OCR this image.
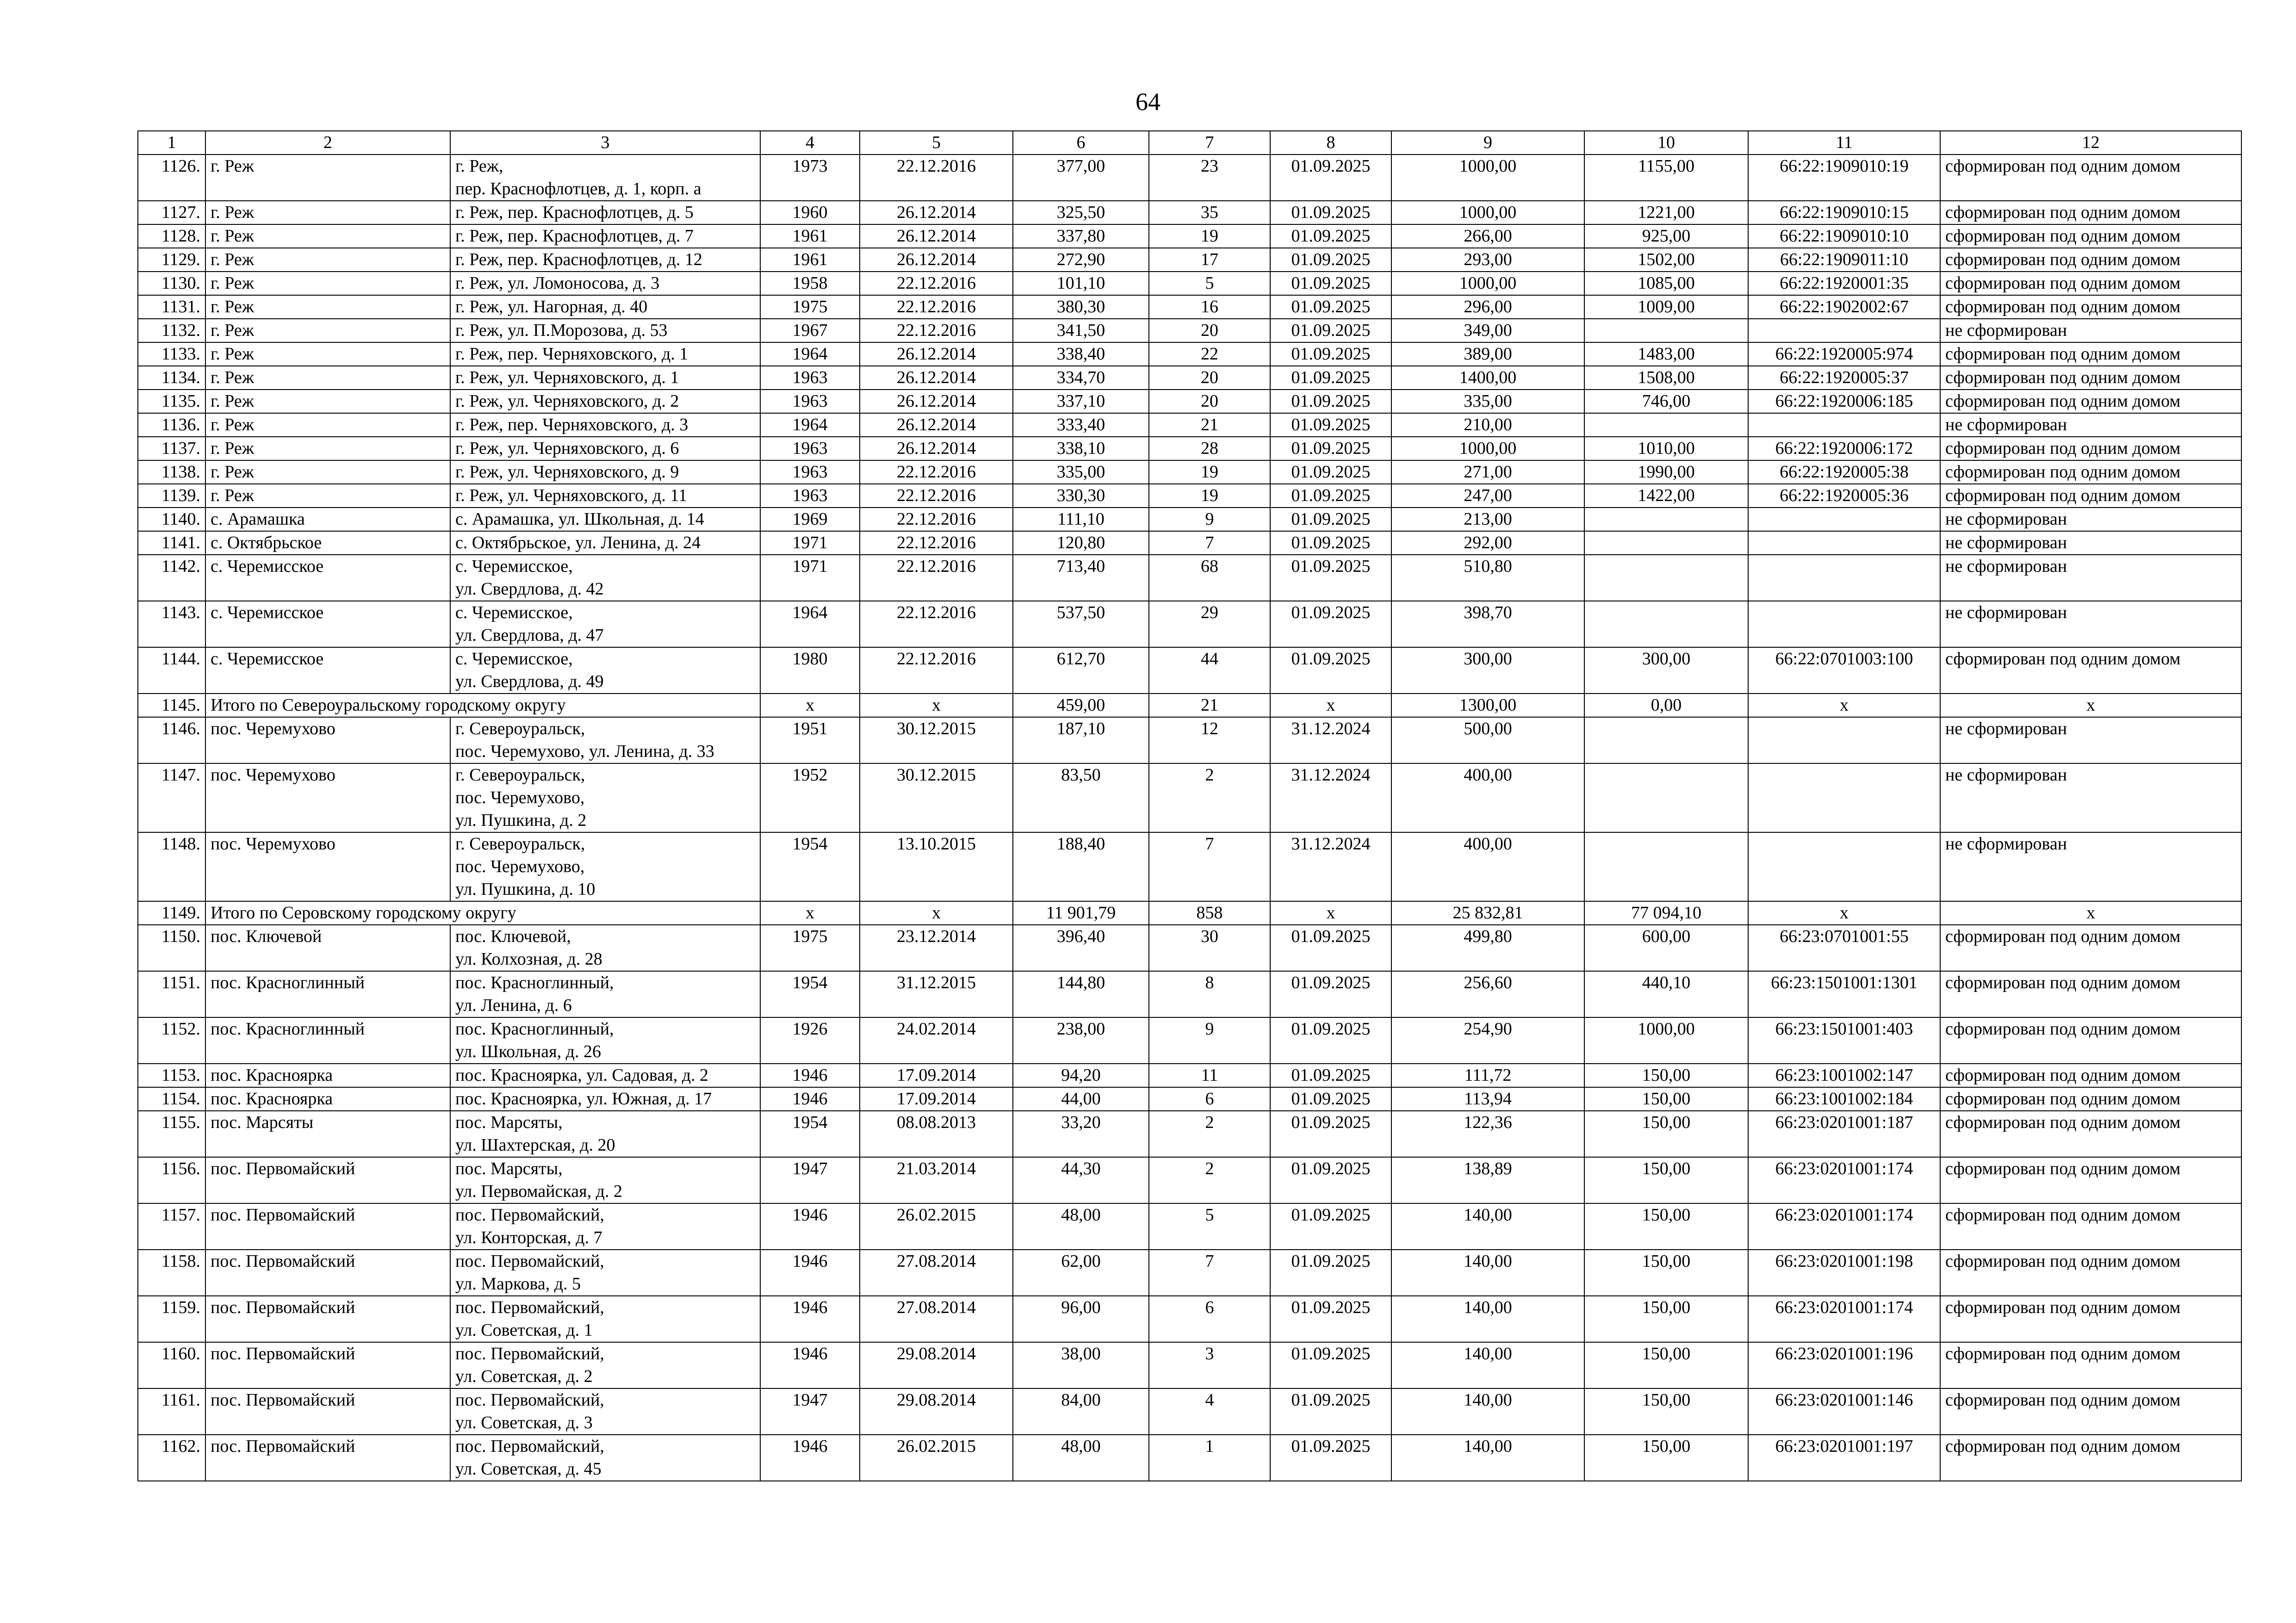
64
1	2	3	4	5	6	7	8	9	10	11	12
1126.	г. Реж	г. Реж,
пер. Краснофлотцев, д. 1, корп. а	1973	22.12.2016	377,00	23	01.09.2025	1000,00	1155,00	66:22:1909010:19	сформирован под одним домом
1127.	г. Реж	г. Реж, пер. Краснофлотцев, д. 5	1960	26.12.2014	325,50	35	01.09.2025	1000,00	1221,00	66:22:1909010:15	сформирован под одним домом
1128.	г. Реж	г. Реж, пер. Краснофлотцев, д. 7	1961	26.12.2014	337,80	19	01.09.2025	266,00	925,00	66:22:1909010:10	сформирован под одним домом
1129.	г. Реж	г. Реж, пер. Краснофлотцев, д. 12	1961	26.12.2014	272,90	17	01.09.2025	293,00	1502,00	66:22:1909011:10	сформирован под одним домом
1130.	г. Реж	г. Реж, ул. Ломоносова, д. 3	1958	22.12.2016	101,10	5	01.09.2025	1000,00	1085,00	66:22:1920001:35	сформирован под одним домом
1131.	г. Реж	г. Реж, ул. Нагорная, д. 40	1975	22.12.2016	380,30	16	01.09.2025	296,00	1009,00	66:22:1902002:67	сформирован под одним домом
1132.	г. Реж	г. Реж, ул. П.Морозова, д. 53	1967	22.12.2016	341,50	20	01.09.2025	349,00			не сформирован
1133.	г. Реж	г. Реж, пер. Черняховского, д. 1	1964	26.12.2014	338,40	22	01.09.2025	389,00	1483,00	66:22:1920005:974	сформирован под одним домом
1134.	г. Реж	г. Реж, ул. Черняховского, д. 1	1963	26.12.2014	334,70	20	01.09.2025	1400,00	1508,00	66:22:1920005:37	сформирован под одним домом
1135.	г. Реж	г. Реж, ул. Черняховского, д. 2	1963	26.12.2014	337,10	20	01.09.2025	335,00	746,00	66:22:1920006:185	сформирован под одним домом
1136.	г. Реж	г. Реж, пер. Черняховского, д. 3	1964	26.12.2014	333,40	21	01.09.2025	210,00			не сформирован
1137.	г. Реж	г. Реж, ул. Черняховского, д. 6	1963	26.12.2014	338,10	28	01.09.2025	1000,00	1010,00	66:22:1920006:172	сформирован под одним домом
1138.	г. Реж	г. Реж, ул. Черняховского, д. 9	1963	22.12.2016	335,00	19	01.09.2025	271,00	1990,00	66:22:1920005:38	сформирован под одним домом
1139.	г. Реж	г. Реж, ул. Черняховского, д. 11	1963	22.12.2016	330,30	19	01.09.2025	247,00	1422,00	66:22:1920005:36	сформирован под одним домом
1140.	с. Арамашка	с. Арамашка, ул. Школьная, д. 14	1969	22.12.2016	111,10	9	01.09.2025	213,00			не сформирован
1141.	с. Октябрьское	с. Октябрьское, ул. Ленина, д. 24	1971	22.12.2016	120,80	7	01.09.2025	292,00			не сформирован
1142.	с. Черемисское	с. Черемисское,
ул. Свердлова, д. 42	1971	22.12.2016	713,40	68	01.09.2025	510,80			не сформирован
1143.	с. Черемисское	с. Черемисское,
ул. Свердлова, д. 47	1964	22.12.2016	537,50	29	01.09.2025	398,70			не сформирован
1144.	с. Черемисское	с. Черемисское,
ул. Свердлова, д. 49	1980	22.12.2016	612,70	44	01.09.2025	300,00	300,00	66:22:0701003:100	сформирован под одним домом
1145.	Итого по Североуральскому городскому округу		x	x	459,00	21	x	1300,00	0,00	x	x
1146.	пос. Черемухово	г. Североуральск,
пос. Черемухово, ул. Ленина, д. 33	1951	30.12.2015	187,10	12	31.12.2024	500,00			не сформирован
1147.	пос. Черемухово	г. Североуральск,
пос. Черемухово,
ул. Пушкина, д. 2	1952	30.12.2015	83,50	2	31.12.2024	400,00			не сформирован
1148.	пос. Черемухово	г. Североуральск,
пос. Черемухово,
ул. Пушкина, д. 10	1954	13.10.2015	188,40	7	31.12.2024	400,00			не сформирован
1149.	Итого по Серовскому городскому округу		x	x	11 901,79	858	x	25 832,81	77 094,10	x	x
1150.	пос. Ключевой	пос. Ключевой,
ул. Колхозная, д. 28	1975	23.12.2014	396,40	30	01.09.2025	499,80	600,00	66:23:0701001:55	сформирован под одним домом
1151.	пос. Красноглинный	пос. Красноглинный,
ул. Ленина, д. 6	1954	31.12.2015	144,80	8	01.09.2025	256,60	440,10	66:23:1501001:1301	сформирован под одним домом
1152.	пос. Красноглинный	пос. Красноглинный,
ул. Школьная, д. 26	1926	24.02.2014	238,00	9	01.09.2025	254,90	1000,00	66:23:1501001:403	сформирован под одним домом
1153.	пос. Красноярка	пос. Красноярка, ул. Садовая, д. 2	1946	17.09.2014	94,20	11	01.09.2025	111,72	150,00	66:23:1001002:147	сформирован под одним домом
1154.	пос. Красноярка	пос. Красноярка, ул. Южная, д. 17	1946	17.09.2014	44,00	6	01.09.2025	113,94	150,00	66:23:1001002:184	сформирован под одним домом
1155.	пос. Марсяты	пос. Марсяты,
ул. Шахтерская, д. 20	1954	08.08.2013	33,20	2	01.09.2025	122,36	150,00	66:23:0201001:187	сформирован под одним домом
1156.	пос. Первомайский	пос. Марсяты,
ул. Первомайская, д. 2	1947	21.03.2014	44,30	2	01.09.2025	138,89	150,00	66:23:0201001:174	сформирован под одним домом
1157.	пос. Первомайский	пос. Первомайский,
ул. Конторская, д. 7	1946	26.02.2015	48,00	5	01.09.2025	140,00	150,00	66:23:0201001:174	сформирован под одним домом
1158.	пос. Первомайский	пос. Первомайский,
ул. Маркова, д. 5	1946	27.08.2014	62,00	7	01.09.2025	140,00	150,00	66:23:0201001:198	сформирован под одним домом
1159.	пос. Первомайский	пос. Первомайский,
ул. Советская, д. 1	1946	27.08.2014	96,00	6	01.09.2025	140,00	150,00	66:23:0201001:174	сформирован под одним домом
1160.	пос. Первомайский	пос. Первомайский,
ул. Советская, д. 2	1946	29.08.2014	38,00	3	01.09.2025	140,00	150,00	66:23:0201001:196	сформирован под одним домом
1161.	пос. Первомайский	пос. Первомайский,
ул. Советская, д. 3	1947	29.08.2014	84,00	4	01.09.2025	140,00	150,00	66:23:0201001:146	сформирован под одним домом
1162.	пос. Первомайский	пос. Первомайский,
ул. Советская, д. 45	1946	26.02.2015	48,00	1	01.09.2025	140,00	150,00	66:23:0201001:197	сформирован под одним домом
